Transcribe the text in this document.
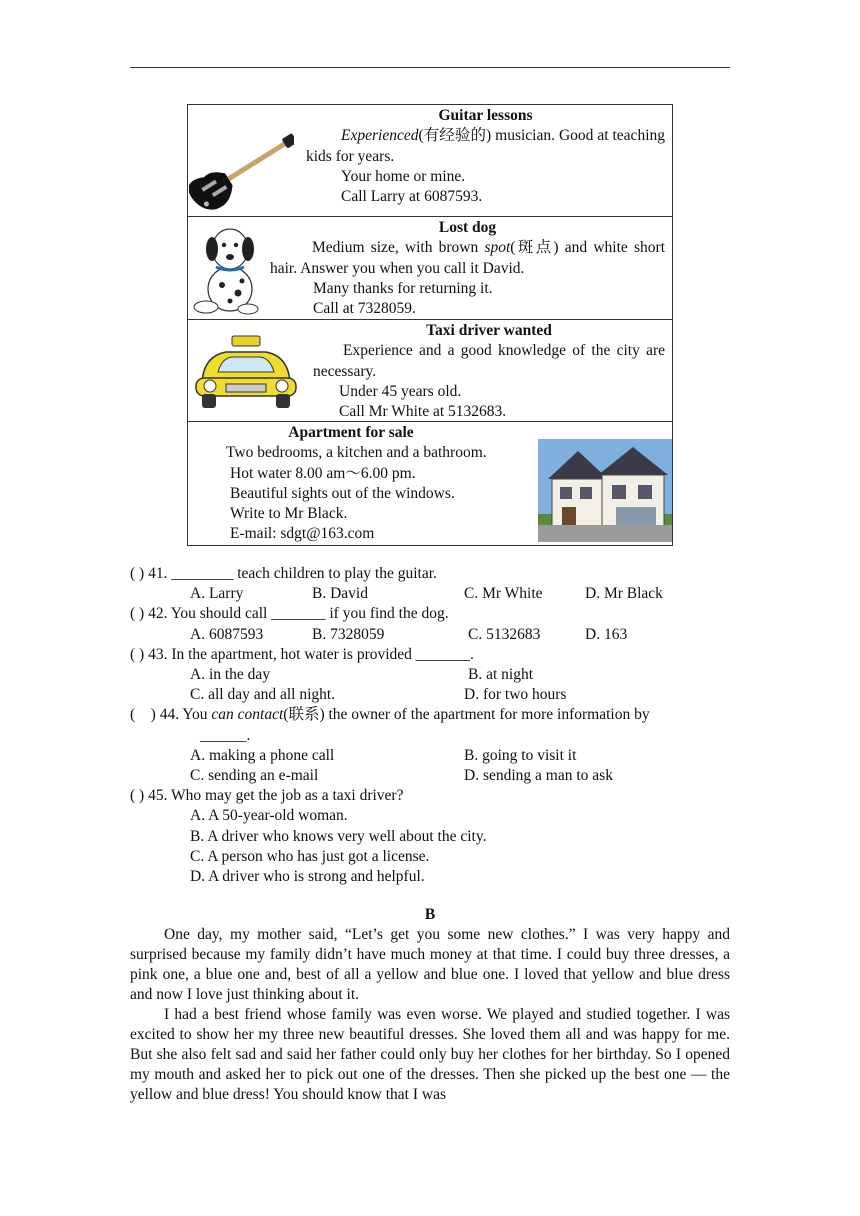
Guitar lessons

Experienced(有经验的) musician. Good at teaching kids for years.

Your home or mine.

Call Larry at 6087593.

Lost dog

Medium size, with brown spot(斑点) and white short hair. Answer you when you call it David.

Many thanks for returning it.

Call at 7328059.

Taxi driver wanted

Experience and a good knowledge of the city are necessary.

Under 45 years old.

Call Mr White at 5132683.

Apartment for sale

Two bedrooms, a kitchen and a bathroom.

Hot water 8.00 am～6.00 pm.

Beautiful sights out of the windows.

Write to Mr Black.

E-mail: sdgt@163.com

( ) 41. ________ teach children to play the guitar.
A. Larry	B. David	C. Mr White	D. Mr Black
( ) 42. You should call _______ if you find the dog.
A. 6087593	B. 7328059	C. 5132683	D. 163
( ) 43. In the apartment, hot water is provided _______.
A. in the day	B. at night
C. all day and all night.	D. for two hours
(    ) 44. You can contact(联系) the owner of the apartment for more information by
______.
A. making a phone call	B. going to visit it
C. sending an e-mail	D. sending a man to ask
( ) 45. Who may get the job as a taxi driver?
A. A 50-year-old woman.
B. A driver who knows very well about the city.
C. A person who has just got a license.
D. A driver who is strong and helpful.
B

One day, my mother said, “Let’s get you some new clothes.” I was very happy and surprised because my family didn’t have much money at that time. I could buy three dresses, a pink one, a blue one and, best of all a yellow and blue one. I loved that yellow and blue dress and now I love just thinking about it.

I had a best friend whose family was even worse. We played and studied together. I was excited to show her my three new beautiful dresses. She loved them all and was happy for me. But she also felt sad and said her father could only buy her clothes for her birthday. So I opened my mouth and asked her to pick out one of the dresses. Then she picked up the best one — the yellow and blue dress! You should know that I was
